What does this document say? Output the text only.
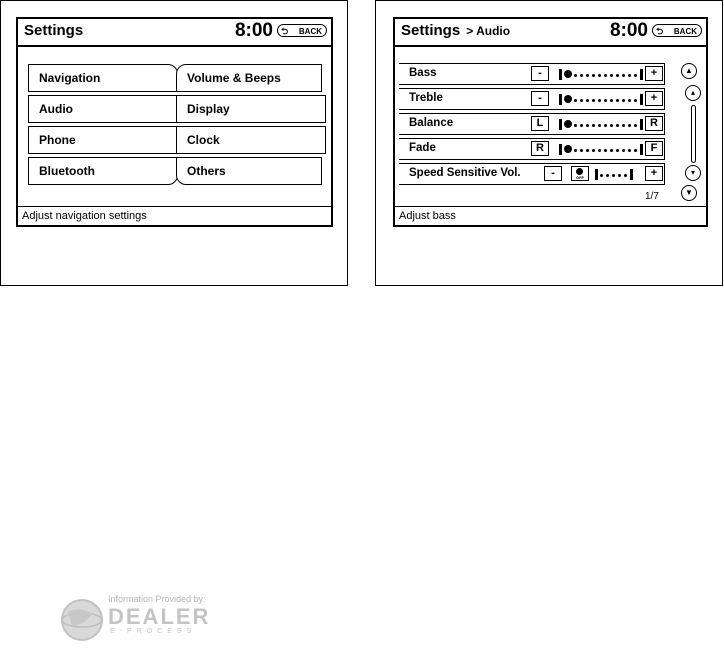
Settings	8:00 ⮌ BACK
Navigation
Audio
Phone
Bluetooth
Volume & Beeps
Display
Clock
Others
Adjust navigation settings
Settings > Audio	8:00 ⮌ BACK
Bass	-	+
Treble	-	+
Balance	L	R
Fade	R	F
Speed Sensitive Vol.	-	OFF	+
1/7
▲
▴
▾
▼
Adjust bass
Information Provided by:
DEALER
E-PROCESS
